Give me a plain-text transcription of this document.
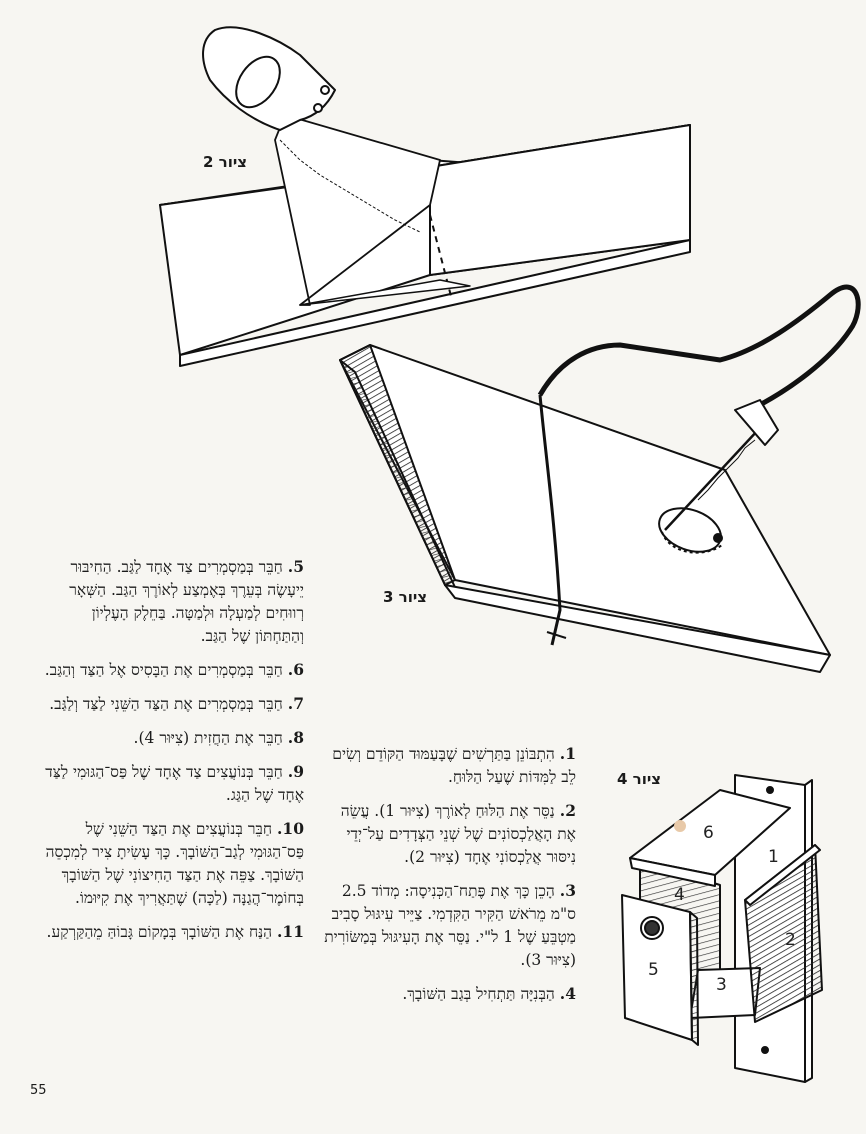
1
2
3
4
5
6
ציור 2
ציור 3
ציור 4

5. חַבֵּר בְּמַסְמְרִים צַד אֶחָד לַגַּב. הַחִיבּוּר יֵיעָשֶׂה בְּעֵרֶךְ בְּאֶמְצַע לְאוֹרֶךְ הַגַּב. הַשְּׁאָר רְווּחִים לְמַעְלָה וּלְמַטָּה. בַּחֵלֶק הָעֶלְיוֹן וְהַתַּחְתּוֹן שֶׁל הַגַּב.

6. חַבֵּר בְּמַסְמְרִים אֶת הַבָּסִיס אֶל הַצַּד וְהַגַּב.

7. חַבֵּר בְּמַסְמְרִים אֶת הַצַּד הַשֵּׁנִי לַצַּד וְלַגַּב.

8. חַבֵּר אֶת הַחֲזִית (צִיּוּר 4).

9. חַבֵּר בְּנוֹעֲצִים צַד אֶחָד שֶׁל פַּס־הַגּוּמִי לַצַּד אֶחָד שֶׁל הַגַּג.

10. חַבֵּר בְּנוֹעֲצִים אֶת הַצַּד הַשֵּׁנִי שֶׁל פַּס־הַגּוּמִי לְגַב־הַשּׁוֹבָךְ. כָּךְ עָשִׂיתָ צִיר לְמִכְסֵה הַשּׁוֹבָךְ. צַפֵּה אֶת הַצַּד הַחִיצוֹנִי שֶׁל הַשּׁוֹבָךְ בְּחוֹמֶר־הֲגַנָּה (לַכָּה) שֶׁתַּאֲרִיךְ אֶת קִיּוּמוֹ.

11. הַנַּח אֶת הַשּׁוֹבָךְ בְּמָקוֹם גָּבוֹהַּ מֵהַקַּרְקַע.

1. הִתְבּוֹנֵן בַּתַּרְשִׁים שֶׁבָּעַמּוּד הַקּוֹדֵם וְשִׂים לֵב לַמִּדּוֹת שֶׁעַל הַלּוּחַ.

2. נַסֵּר אֶת הַלּוּחַ לְאוֹרֶךְ (צִיּוּר 1). עֲשֵׂה אֶת הָאֲלַכְסוֹנִים שֶׁל שְׁנֵי הַצְּדָדִים עַל־יְדֵי נִיסּוּר אֲלַכְסוֹנִי אֶחָד (צִיּוּר 2).

3. הָכֵן כָּךְ אֶת פֶּתַח־הַכְּנִיסָה: מְדוֹד 2.5 ס"מ מֵרֹאשׁ הַקִּיר הַקִּדְמִי. צַיֵּיר עִיגּוּל סָבִיב מַטְבֵּעַ שֶׁל 1 ל"י. נַסֵּר אֶת הָעִיגּוּל בְּמַשּׂוֹרִית (צִיּוּר 3).

4. הַבְּנִיָּה תַּתְחִיל בְּגַב הַשּׁוֹבָךְ.

55
